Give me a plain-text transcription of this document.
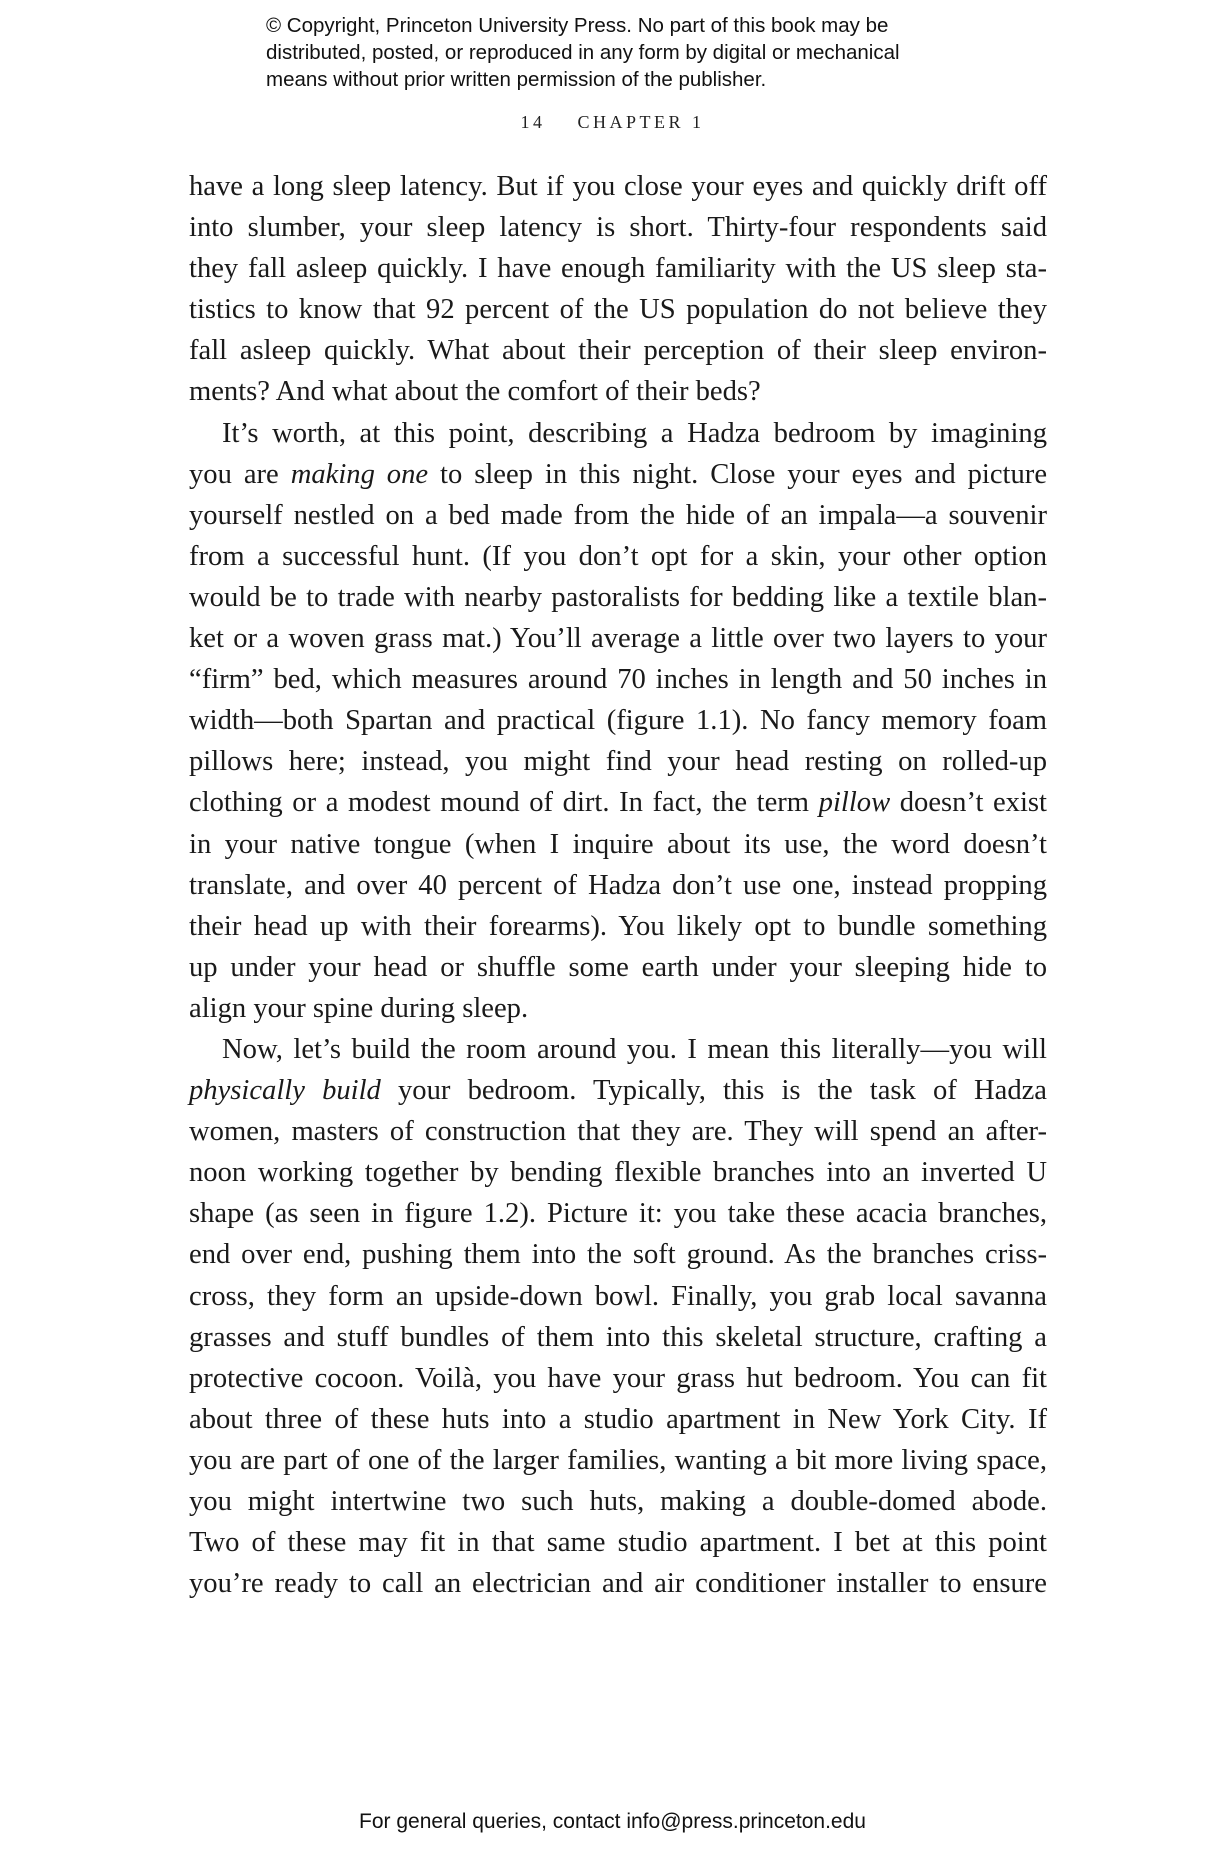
© Copyright, Princeton University Press. No part of this book may be
distributed, posted, or reproduced in any form by digital or mechanical
means without prior written permission of the publisher.
14 CHAPTER 1
have a long sleep latency. But if you close your eyes and quickly drift off
into slumber, your sleep latency is short. Thirty-four respondents said
they fall asleep quickly. I have enough familiarity with the US sleep sta-
tistics to know that 92 percent of the US population do not believe they
fall asleep quickly. What about their perception of their sleep environ-
ments? And what about the comfort of their beds?
It’s worth, at this point, describing a Hadza bedroom by imagining
you are making one to sleep in this night. Close your eyes and picture
yourself nestled on a bed made from the hide of an impala—a souvenir
from a successful hunt. (If you don’t opt for a skin, your other option
would be to trade with nearby pastoralists for bedding like a textile blan-
ket or a woven grass mat.) You’ll average a little over two layers to your
“firm” bed, which measures around 70 inches in length and 50 inches in
width—both Spartan and practical (figure 1.1). No fancy memory foam
pillows here; instead, you might find your head resting on rolled-up
clothing or a modest mound of dirt. In fact, the term pillow doesn’t exist
in your native tongue (when I inquire about its use, the word doesn’t
translate, and over 40 percent of Hadza don’t use one, instead propping
their head up with their forearms). You likely opt to bundle something
up under your head or shuffle some earth under your sleeping hide to
align your spine during sleep.
Now, let’s build the room around you. I mean this literally—you will
physically build your bedroom. Typically, this is the task of Hadza
women, masters of construction that they are. They will spend an after-
noon working together by bending flexible branches into an inverted U
shape (as seen in figure 1.2). Picture it: you take these acacia branches,
end over end, pushing them into the soft ground. As the branches criss-
cross, they form an upside-down bowl. Finally, you grab local savanna
grasses and stuff bundles of them into this skeletal structure, crafting a
protective cocoon. Voilà, you have your grass hut bedroom. You can fit
about three of these huts into a studio apartment in New York City. If
you are part of one of the larger families, wanting a bit more living space,
you might intertwine two such huts, making a double-domed abode.
Two of these may fit in that same studio apartment. I bet at this point
you’re ready to call an electrician and air conditioner installer to ensure
For general queries, contact info@press.princeton.edu
